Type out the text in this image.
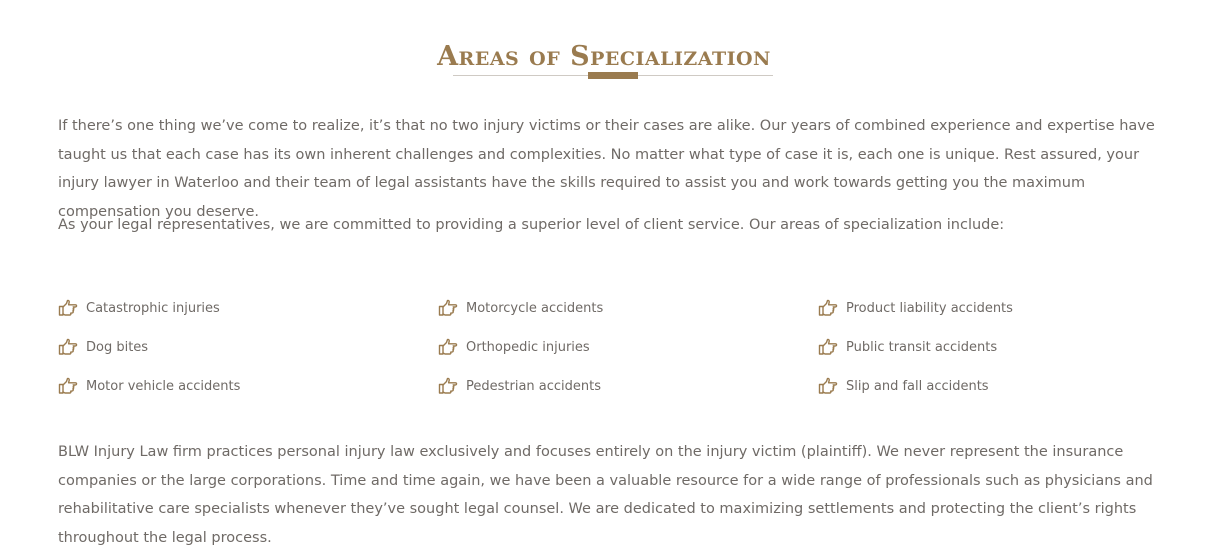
Areas of Specialization

If there’s one thing we’ve come to realize, it’s that no two injury victims or their cases are alike. Our years of combined experience and expertise have taught us that each case has its own inherent challenges and complexities. No matter what type of case it is, each one is unique. Rest assured, your injury lawyer in Waterloo and their team of legal assistants have the skills required to assist you and work towards getting you the maximum compensation you deserve.

As your legal representatives, we are committed to providing a superior level of client service. Our areas of specialization include:

Catastrophic injuries	Motorcycle accidents	Product liability accidents
Dog bites	Orthopedic injuries	Public transit accidents
Motor vehicle accidents	Pedestrian accidents	Slip and fall accidents

BLW Injury Law firm practices personal injury law exclusively and focuses entirely on the injury victim (plaintiff). We never represent the insurance companies or the large corporations. Time and time again, we have been a valuable resource for a wide range of professionals such as physicians and rehabilitative care specialists whenever they’ve sought legal counsel. We are dedicated to maximizing settlements and protecting the client’s rights throughout the legal process.
